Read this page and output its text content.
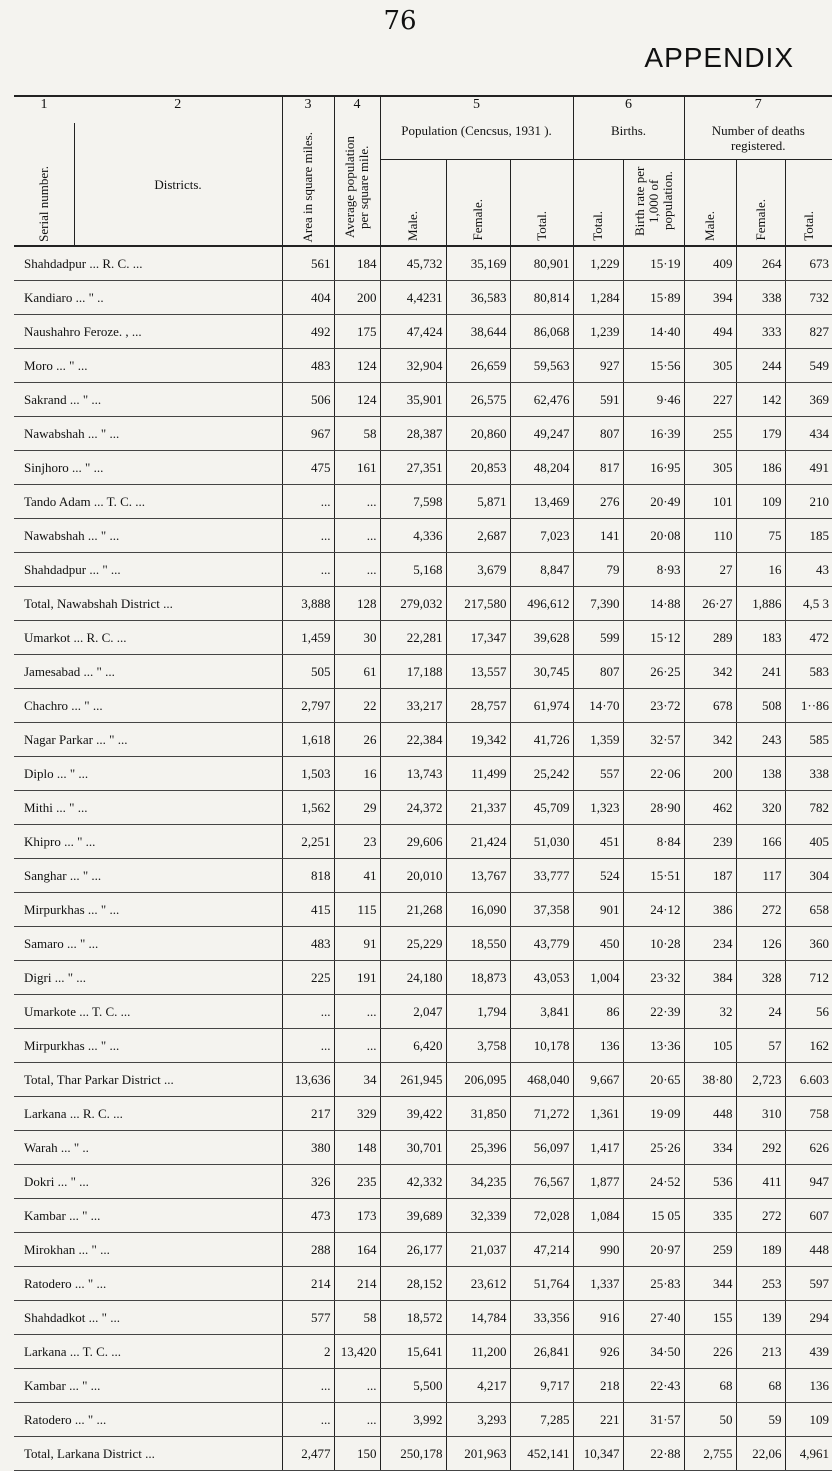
76
APPENDIX
1	2	3	4	5			6		7		
Serial number.	Districts.	Area in square miles.	Average population per square mile.	Population (Cencsus, 1931 ).			Births.		Number of deaths registered.		
				Male.	Female.	Total.	Total.	Birth rate per 1,000 of population.	Male.	Female.	Total.
Shahdadpur ... R. C. ...		561	184	45,732	35,169	80,901	1,229	15·19	409	264	673
Kandiaro ... " ..		404	200	4,4231	36,583	80,814	1,284	15·89	394	338	732
Naushahro Feroze. , ...		492	175	47,424	38,644	86,068	1,239	14·40	494	333	827
Moro ... " ...		483	124	32,904	26,659	59,563	927	15·56	305	244	549
Sakrand ... " ...		506	124	35,901	26,575	62,476	591	9·46	227	142	369
Nawabshah ... " ...		967	58	28,387	20,860	49,247	807	16·39	255	179	434
Sinjhoro ... " ...		475	161	27,351	20,853	48,204	817	16·95	305	186	491
Tando Adam ... T. C. ...		...	...	7,598	5,871	13,469	276	20·49	101	109	210
Nawabshah ... " ...		...	...	4,336	2,687	7,023	141	20·08	110	75	185
Shahdadpur ... " ...		...	...	5,168	3,679	8,847	79	8·93	27	16	43
Total, Nawabshah District ...		3,888	128	279,032	217,580	496,612	7,390	14·88	26·27	1,886	4,5 3
Umarkot ... R. C. ...		1,459	30	22,281	17,347	39,628	599	15·12	289	183	472
Jamesabad ... " ...		505	61	17,188	13,557	30,745	807	26·25	342	241	583
Chachro ... " ...		2,797	22	33,217	28,757	61,974	14·70	23·72	678	508	1··86
Nagar Parkar ... " ...		1,618	26	22,384	19,342	41,726	1,359	32·57	342	243	585
Diplo ... " ...		1,503	16	13,743	11,499	25,242	557	22·06	200	138	338
Mithi ... " ...		1,562	29	24,372	21,337	45,709	1,323	28·90	462	320	782
Khipro ... " ...		2,251	23	29,606	21,424	51,030	451	8·84	239	166	405
Sanghar ... " ...		818	41	20,010	13,767	33,777	524	15·51	187	117	304
Mirpurkhas ... " ...		415	115	21,268	16,090	37,358	901	24·12	386	272	658
Samaro ... " ...		483	91	25,229	18,550	43,779	450	10·28	234	126	360
Digri ... " ...		225	191	24,180	18,873	43,053	1,004	23·32	384	328	712
Umarkote ... T. C. ...		...	...	2,047	1,794	3,841	86	22·39	32	24	56
Mirpurkhas ... " ...		...	...	6,420	3,758	10,178	136	13·36	105	57	162
Total, Thar Parkar District ...		13,636	34	261,945	206,095	468,040	9,667	20·65	38·80	2,723	6.603
Larkana ... R. C. ...		217	329	39,422	31,850	71,272	1,361	19·09	448	310	758
Warah ... " ..		380	148	30,701	25,396	56,097	1,417	25·26	334	292	626
Dokri ... " ...		326	235	42,332	34,235	76,567	1,877	24·52	536	411	947
Kambar ... " ...		473	173	39,689	32,339	72,028	1,084	15 05	335	272	607
Mirokhan ... " ...		288	164	26,177	21,037	47,214	990	20·97	259	189	448
Ratodero ... " ...		214	214	28,152	23,612	51,764	1,337	25·83	344	253	597
Shahdadkot ... " ...		577	58	18,572	14,784	33,356	916	27·40	155	139	294
Larkana ... T. C. ...		2	13,420	15,641	11,200	26,841	926	34·50	226	213	439
Kambar ... " ...		...	...	5,500	4,217	9,717	218	22·43	68	68	136
Ratodero ... " ...		...	...	3,992	3,293	7,285	221	31·57	50	59	109
Total, Larkana District ...		2,477	150	250,178	201,963	452,141	10,347	22·88	2,755	22,06	4,961
